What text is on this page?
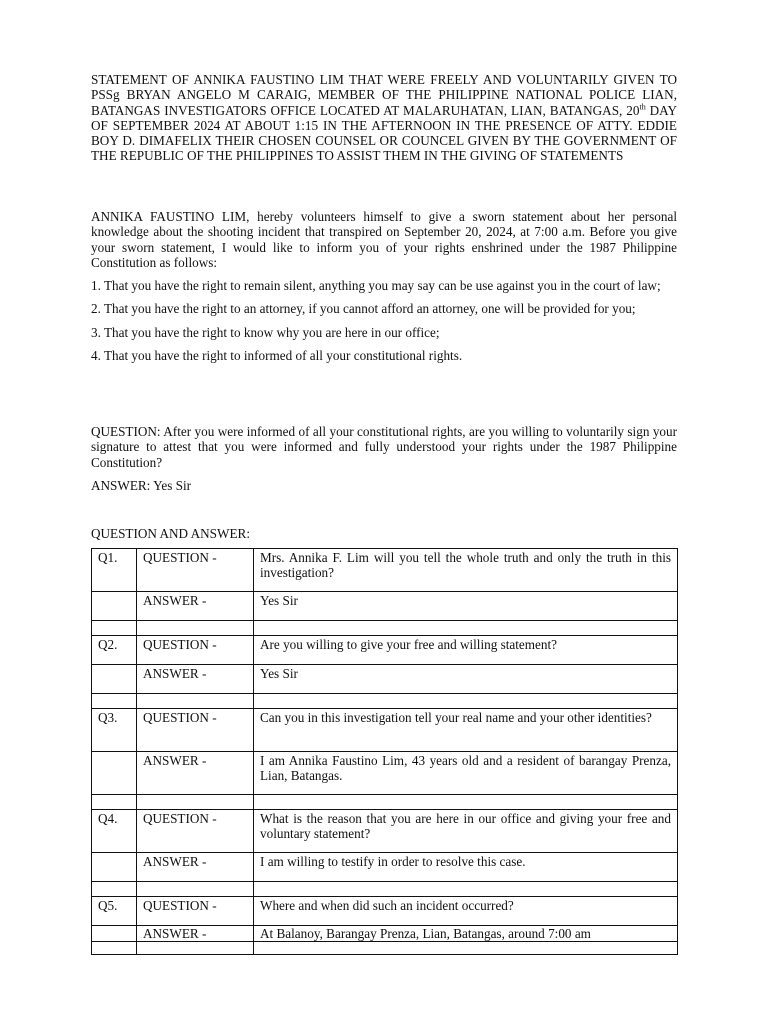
STATEMENT OF ANNIKA FAUSTINO LIM THAT WERE FREELY AND VOLUNTARILY GIVEN TO PSSg BRYAN ANGELO M CARAIG, MEMBER OF THE PHILIPPINE NATIONAL POLICE LIAN, BATANGAS INVESTIGATORS OFFICE LOCATED AT MALARUHATAN, LIAN, BATANGAS, 20th DAY OF SEPTEMBER 2024 AT ABOUT 1:15 IN THE AFTERNOON IN THE PRESENCE OF ATTY. EDDIE BOY D. DIMAFELIX THEIR CHOSEN COUNSEL OR COUNCEL GIVEN BY THE GOVERNMENT OF THE REPUBLIC OF THE PHILIPPINES TO ASSIST THEM IN THE GIVING OF STATEMENTS

ANNIKA FAUSTINO LIM, hereby volunteers himself to give a sworn statement about her personal knowledge about the shooting incident that transpired on September 20, 2024, at 7:00 a.m. Before you give your sworn statement, I would like to inform you of your rights enshrined under the 1987 Philippine Constitution as follows:

1. That you have the right to remain silent, anything you may say can be use against you in the court of law;

2. That you have the right to an attorney, if you cannot afford an attorney, one will be provided for you;

3. That you have the right to know why you are here in our office;

4. That you have the right to informed of all your constitutional rights.

QUESTION: After you were informed of all your constitutional rights, are you willing to voluntarily sign your signature to attest that you were informed and fully understood your rights under the 1987 Philippine Constitution?

ANSWER: Yes Sir

QUESTION AND ANSWER:

Q1.	QUESTION -	Mrs. Annika F. Lim will you tell the whole truth and only the truth in this investigation?
	ANSWER -	Yes Sir

Q2.	QUESTION -	Are you willing to give your free and willing statement?
	ANSWER -	Yes Sir

Q3.	QUESTION -	Can you in this investigation tell your real name and your other identities?
	ANSWER -	I am Annika Faustino Lim, 43 years old and a resident of barangay Prenza, Lian, Batangas.

Q4.	QUESTION -	What is the reason that you are here in our office and giving your free and voluntary statement?
	ANSWER -	I am willing to testify in order to resolve this case.

Q5.	QUESTION -	Where and when did such an incident occurred?
	ANSWER -	At Balanoy, Barangay Prenza, Lian, Batangas, around 7:00 am
